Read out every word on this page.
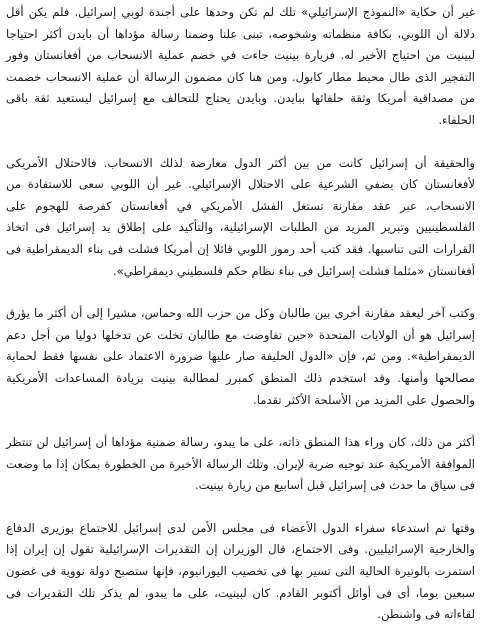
غير أن حكاية «النموذج الإسرائيلي» تلك لم تكن وحدها على أجندة لوبي إسرائيل. فلم يكن أقل دلالة أن اللوبي، بكافة منظماته وشخوصه، تبنى علنا وضمنا رسالة مؤداها أن بايدن أكثر احتياجا لبينيت من احتياج الأخير له. فزيارة بينيت جاءت في خضم عملية الانسحاب من أفغانستان وفور التفجير الذى طال محيط مطار كابول. ومن هنا كان مضمون الرسالة أن عملية الانسحاب خصمت من مصداقية أمريكا وثقة حلفائها ببايدن. وبايدن يحتاج للتحالف مع إسرائيل ليستعيد ثقة باقى الحلفاء.

والحقيقة أن إسرائيل كانت من بين أكثر الدول معارضة لذلك الانسحاب. فالاحتلال الأمريكى لأفغانستان كان يضفي الشرعية على الاحتلال الإسرائيلي. غير أن اللوبي سعى للاستفادة من الانسحاب، عبر عقد مقارنة تستغل الفشل الأمريكي في أفغانستان كفرصة للهجوم على الفلسطينيين وتبرير المزيد من الطلبات الإسرائيلية، والتأكيد على إطلاق يد إسرائيل فى اتخاذ القرارات التى تناسبها. فقد كتب أحد رموز اللوبي قائلا إن أمريكا فشلت فى بناء الديمقراطية فى أفغانستان «مثلما فشلت إسرائيل فى بناء نظام حكم فلسطيني ديمقراطي».

وكتب آخر ليعقد مقارنة أخرى بين طالبان وكل من حزب الله وحماس، مشيرا إلى أن أكثر ما يؤرق إسرائيل هو أن الولايات المتحدة «حين تفاوضت مع طالبان تخلت عن تدخلها دوليا من أجل دعم الديمقراطية». ومن ثم، فإن «الدول الحليفة صار عليها ضرورة الاعتماد على نفسها فقط لحماية مصالحها وأمنها. وقد استخدم ذلك المنطق كمبرر لمطالبة بينيت بزيادة المساعدات الأمريكية والحصول على المزيد من الأسلحة الأكثر تقدما.

أكثر من ذلك، كان وراء هذا المنطق ذاته، على ما يبدو، رسالة ضمنية مؤداها أن إسرائيل لن تنتظر الموافقة الأمريكية عند توجيه ضربة لإيران. وتلك الرسالة الأخيرة من الخطورة بمكان إذا ما وضعت فى سياق ما حدث فى إسرائيل قبل أسابيع من زيارة بينيت.

وقتها تم استدعاء سفراء الدول الأعضاء فى مجلس الأمن لدى إسرائيل للاجتماع بوزيرى الدفاع والخارجية الإسرائيليين. وفى الاجتماع، قال الوزيران إن التقديرات الإسرائيلية تقول إن إيران إذا استمرت بالوتيرة الحالية التى تسير بها فى تخصيب اليورانيوم، فإنها ستصبح دولة نووية فى غضون سبعين يوما، أى فى أوائل أكتوبر القادم. كان لبينيت، على ما يبدو، لم يذكر تلك التقديرات فى لقاءاته فى واشنطن.
